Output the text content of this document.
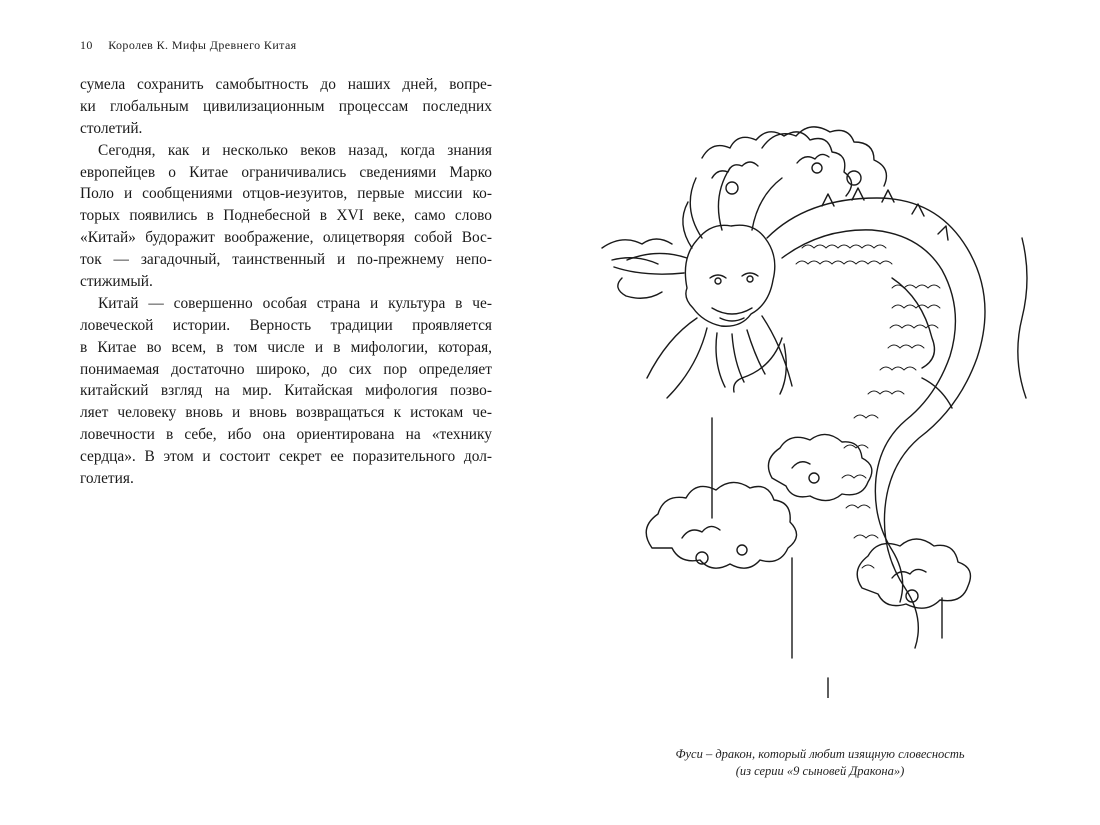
10 Королев К. Мифы Древнего Китая
сумела сохранить самобытность до наших дней, вопре-
ки глобальным цивилизационным процессам последних
столетий.
Сегодня, как и несколько веков назад, когда знания
европейцев о Китае ограничивались сведениями Марко
Поло и сообщениями отцов-иезуитов, первые миссии ко-
торых появились в Поднебесной в XVI веке, само слово
«Китай» будоражит воображение, олицетворяя собой Вос-
ток — загадочный, таинственный и по-прежнему непо-
стижимый.
Китай — совершенно особая страна и культура в че-
ловеческой истории. Верность традиции проявляется
в Китае во всем, в том числе и в мифологии, которая,
понимаемая достаточно широко, до сих пор определяет
китайский взгляд на мир. Китайская мифология позво-
ляет человеку вновь и вновь возвращаться к истокам че-
ловечности в себе, ибо она ориентирована на «технику
сердца». В этом и состоит секрет ее поразительного дол-
голетия.
Фуси – дракон, который любит изящную словесность
(из серии «9 сыновей Дракона»)
